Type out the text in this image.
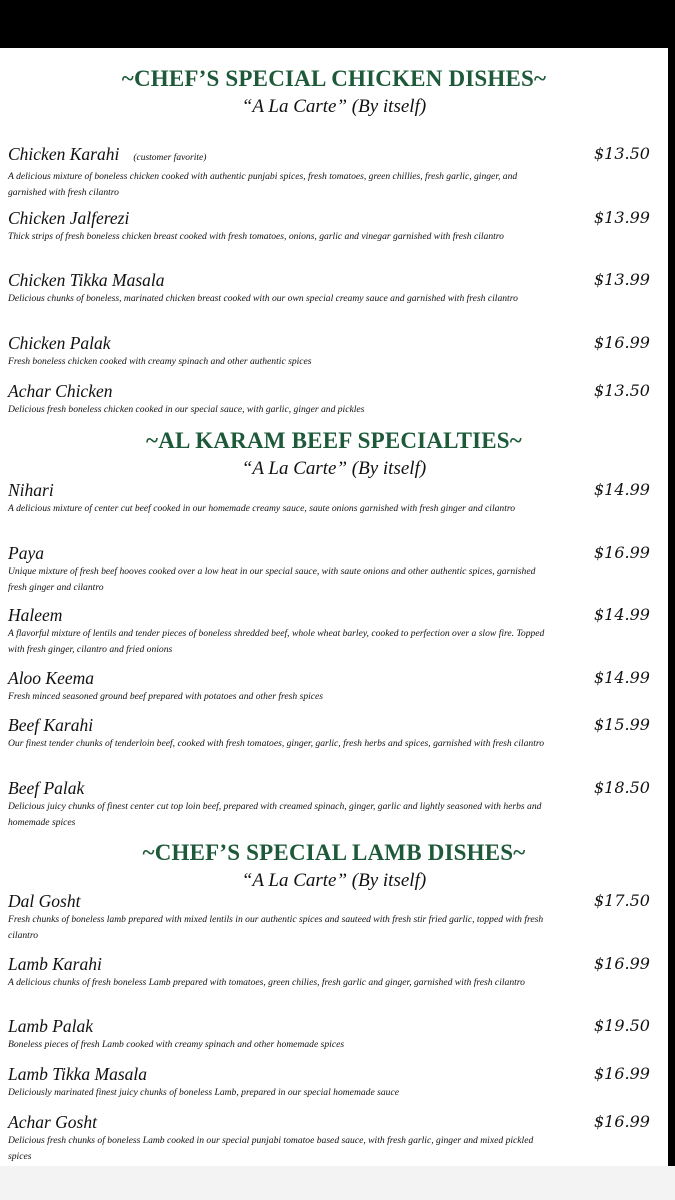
~CHEF’S SPECIAL CHICKEN DISHES~
“A La Carte” (By itself)
Chicken Karahi (customer favorite)
A delicious mixture of boneless chicken cooked with authentic punjabi spices, fresh tomatoes, green chillies, fresh garlic, ginger, and garnished with fresh cilantro
$13.50
Chicken Jalferezi
Thick strips of fresh boneless chicken breast cooked with fresh tomatoes, onions, garlic and vinegar garnished with fresh cilantro
$13.99
Chicken Tikka Masala
Delicious chunks of boneless, marinated chicken breast cooked with our own special creamy sauce and garnished with fresh cilantro
$13.99
Chicken Palak
Fresh boneless chicken cooked with creamy spinach and other authentic spices
$16.99
Achar Chicken
Delicious fresh boneless chicken cooked in our special sauce, with garlic, ginger and pickles
$13.50
~AL KARAM BEEF SPECIALTIES~
“A La Carte” (By itself)
Nihari
A delicious mixture of center cut beef cooked in our homemade creamy sauce, saute onions garnished with fresh ginger and cilantro
$14.99
Paya
Unique mixture of fresh beef hooves cooked over a low heat in our special sauce, with saute onions and other authentic spices, garnished fresh ginger and cilantro
$16.99
Haleem
A flavorful mixture of lentils and tender pieces of boneless shredded beef, whole wheat barley, cooked to perfection over a slow fire. Topped with fresh ginger, cilantro and fried onions
$14.99
Aloo Keema
Fresh minced seasoned ground beef prepared with potatoes and other fresh spices
$14.99
Beef Karahi
Our finest tender chunks of tenderloin beef, cooked with fresh tomatoes, ginger, garlic, fresh herbs and spices, garnished with fresh cilantro
$15.99
Beef Palak
Delicious juicy chunks of finest center cut top loin beef, prepared with creamed spinach, ginger, garlic and lightly seasoned with herbs and homemade spices
$18.50
~CHEF’S SPECIAL LAMB DISHES~
“A La Carte” (By itself)
Dal Gosht
Fresh chunks of boneless lamb prepared with mixed lentils in our authentic spices and sauteed with fresh stir fried garlic, topped with fresh cilantro
$17.50
Lamb Karahi
A delicious chunks of fresh boneless Lamb prepared with tomatoes, green chilies, fresh garlic and ginger, garnished with fresh cilantro
$16.99
Lamb Palak
Boneless pieces of fresh Lamb cooked with creamy spinach and other homemade spices
$19.50
Lamb Tikka Masala
Deliciously marinated finest juicy chunks of boneless Lamb, prepared in our special homemade sauce
$16.99
Achar Gosht
Delicious fresh chunks of boneless Lamb cooked in our special punjabi tomatoe based sauce, with fresh garlic, ginger and mixed pickled spices
$16.99
